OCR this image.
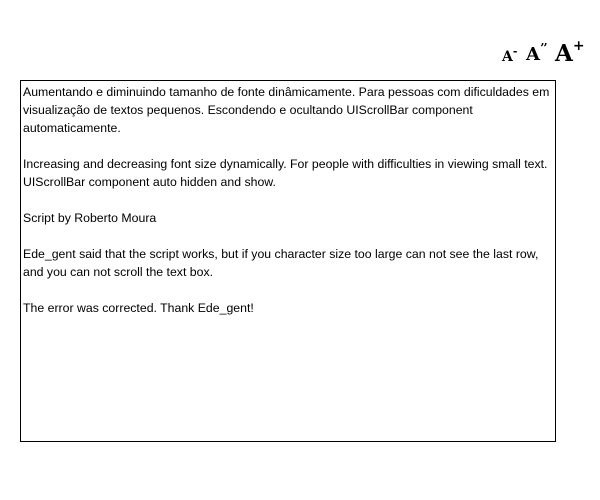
A- $A^{ʼʼ}$ A+

Aumentando e diminuindo tamanho de fonte dinâmicamente. Para pessoas com dificuldades em visualização de textos pequenos. Escondendo e ocultando UIScrollBar component automaticamente.

Increasing and decreasing font size dynamically. For people with difficulties in viewing small text. UIScrollBar component auto hidden and show.

Script by Roberto Moura

Ede_gent said that the script works, but if you character size too large can not see the last row, and you can not scroll the text box.

The error was corrected. Thank Ede_gent!
